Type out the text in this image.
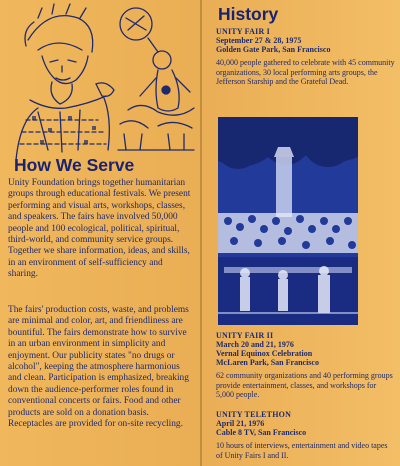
How We Serve
Unity Foundation brings together humanitarian groups through educational festivals. We present performing and visual arts, workshops, classes, and speakers. The fairs have involved 50,000 people and 100 ecological, political, spiritual, third-world, and community service groups. Together we share information, ideas, and skills, in an environment of self-sufficiency and sharing.
The fairs' production costs, waste, and problems are minimal and color, art, and friendliness are bountiful. The fairs demonstrate how to survive in an urban environment in simplicity and enjoyment. Our publicity states "no drugs or alcohol", keeping the atmosphere harmonious and clean. Participation is emphasized, breaking down the audience-performer roles found in conventional concerts or fairs. Food and other products are sold on a donation basis. Receptacles are provided for on-site recycling.
History
UNITY FAIR I
September 27 & 28, 1975
Golden Gate Park, San Francisco
40,000 people gathered to celebrate with 45 community organizations, 30 local performing arts groups, the Jefferson Starship and the Grateful Dead.
UNITY FAIR II
March 20 and 21, 1976
Vernal Equinox Celebration
McLaren Park, San Francisco
62 community organizations and 40 performing groups provide entertainment, classes, and workshops for 5,000 people.
UNITY TELETHON
April 21, 1976
Cable 8 TV, San Francisco
10 hours of interviews, entertainment and video tapes of Unity Fairs I and II.
